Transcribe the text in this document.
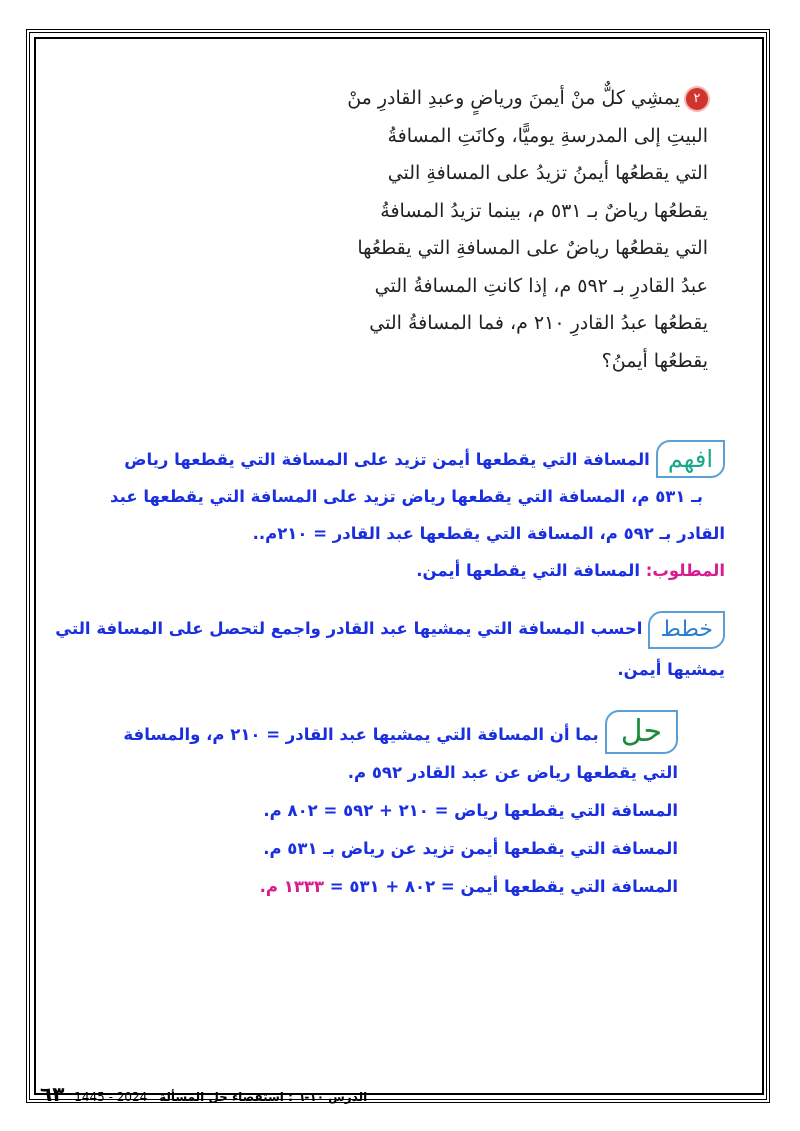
٢يمشِي كلٌّ منْ أيمنَ ورياضٍ وعبدِ القادرِ منْ
البيتِ إلى المدرسةِ يوميًّا، وكانَتِ المسافةُ
التي يقطعُها أيمنُ تزيدُ على المسافةِ التي
يقطعُها رياضٌ بـ ٥٣١ م، بينما تزيدُ المسافةُ
التي يقطعُها رياضٌ على المسافةِ التي يقطعُها
عبدُ القادرِ بـ ٥٩٢ م، إذا كانتِ المسافةُ التي
يقطعُها عبدُ القادرِ ٢١٠ م، فما المسافةُ التي
يقطعُها أيمنُ؟
افهمالمسافة التي يقطعها أيمن تزيد على المسافة التي يقطعها رياض
بـ ٥٣١ م، المسافة التي يقطعها رياض تزيد على المسافة التي يقطعها عبد
القادر بـ ٥٩٢ م، المسافة التي يقطعها عبد القادر = ٢١٠م..
المطلوب: المسافة التي يقطعها أيمن.
خططاحسب المسافة التي يمشيها عبد القادر واجمع لتحصل على المسافة التي
يمشيها أيمن.
حلبما أن المسافة التي يمشيها عبد القادر = ٢١٠ م، والمسافة
التي يقطعها رياض عن عبد القادر ٥٩٢ م.
المسافة التي يقطعها رياض = ٢١٠ + ٥٩٢ = ٨٠٢ م.
المسافة التي يقطعها أيمن تزيد عن رياض بـ ٥٣١ م.
المسافة التي يقطعها أيمن = ٨٠٢ + ٥٣١ = ١٣٣٣ م.
٦٣ 1445 - 2024	الدرس ١٠-٦ : استقصاء حل المسألة
